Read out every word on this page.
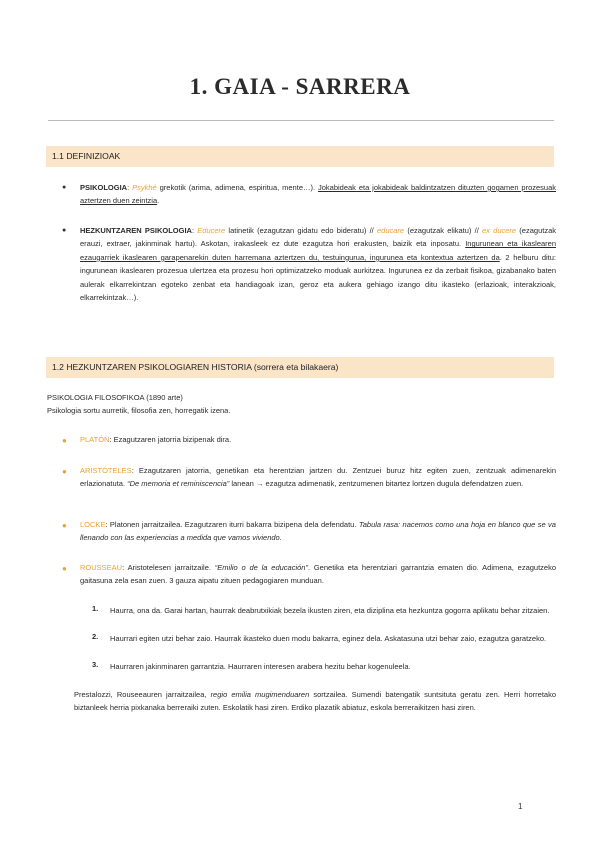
1. GAIA - SARRERA
1.1 DEFINIZIOAK
● PSIKOLOGIA: Psykhé grekotik (arima, adimena, espiritua, mente…). Jokabideak eta jokabideak baldintzatzen dituzten gogamen prozesuak aztertzen duen zeintzia.

● HEZKUNTZAREN PSIKOLOGIA: Educere latinetik (ezagutzan gidatu edo bideratu) // educare (ezagutzak elikatu) // ex ducere (ezagutzak erauzi, extraer, jakinminak hartu). Askotan, irakasleek ez dute ezagutza hori erakusten, baizik eta inposatu. Ingurunean eta ikaslearen ezaugarriek ikaslearen garapenarekin duten harremana aztertzen du, testuingurua, ingurunea eta kontextua aztertzen da. 2 helburu ditu: ingurunean ikaslearen prozesua ulertzea eta prozesu hori optimizatzeko moduak aurkitzea. Ingurunea ez da zerbait fisikoa, gizabanako baten aulerak elkarrekintzan egoteko zenbat eta handiagoak izan, geroz eta aukera gehiago izango ditu ikasteko (erlazioak, interakzioak, elkarrekintzak…).

1.2 HEZKUNTZAREN PSIKOLOGIAREN HISTORIA (sorrera eta bilakaera)

PSIKOLOGIA FILOSOFIKOA (1890 arte)
Psikologia sortu aurretik, filosofia zen, horregatik izena.

● PLATÓN: Ezagutzaren jatorria bizipenak dira.

● ARISTÓTELES: Ezagutzaren jatorria, genetikan eta herentzian jartzen du. Zentzuei buruz hitz egiten zuen, zentzuak adimenarekin erlazionatuta. “De memoria et reminiscencia” lanean → ezagutza adimenatik, zentzumenen bitartez lortzen dugula defendatzen zuen.

● LOCKE: Platonen jarraitzailea. Ezagutzaren iturri bakarra bizipena dela defendatu. Tabula rasa: nacemos como una hoja en blanco que se va llenando con las experiencias a medida que vamos viviendo.

● ROUSSEAU: Aristotelesen jarraitzaile. “Emilio o de la educación”. Genetika eta herentziari garrantzia ematen dio. Adimena, ezagutzeko gaitasuna zela esan zuen. 3 gauza aipatu zituen pedagogiaren munduan.

1. Haurra, ona da. Garai hartan, haurrak deabrutxikiak bezela ikusten ziren, eta diziplina eta hezkuntza gogorra aplikatu behar zitzaien.

2. Haurrari egiten utzi behar zaio. Haurrak ikasteko duen modu bakarra, eginez dela. Askatasuna utzi behar zaio, ezagutza garatzeko.

3. Haurraren jakinminaren garrantzia. Haurraren interesen arabera hezitu behar kogenuleela.

Prestalozzi, Rouseeauren jarraitzailea, regio emilia mugimenduaren sortzailea. Sumendi batengatik suntsituta geratu zen. Herri horretako biztanleek herria pixkanaka berreraiki zuten. Eskolatik hasi ziren. Erdiko plazatik abiatuz, eskola berreraikitzen hasi ziren.

1
